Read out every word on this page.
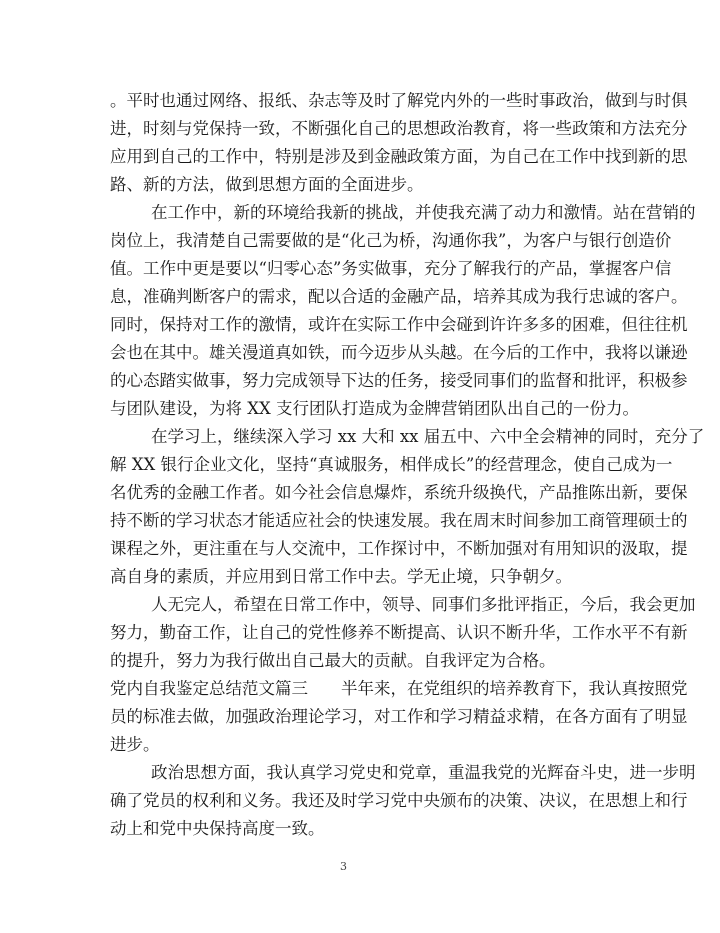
。平时也通过网络、报纸、杂志等及时了解党内外的一些时事政治，做到与时俱
进，时刻与党保持一致，不断强化自己的思想政治教育，将一些政策和方法充分
应用到自己的工作中，特别是涉及到金融政策方面，为自己在工作中找到新的思
路、新的方法，做到思想方面的全面进步。
在工作中，新的环境给我新的挑战，并使我充满了动力和激情。站在营销的
岗位上，我清楚自己需要做的是“化己为桥，沟通你我”，为客户与银行创造价
值。工作中更是要以“归零心态”务实做事，充分了解我行的产品，掌握客户信
息，准确判断客户的需求，配以合适的金融产品，培养其成为我行忠诚的客户。
同时，保持对工作的激情，或许在实际工作中会碰到许许多多的困难，但往往机
会也在其中。雄关漫道真如铁，而今迈步从头越。在今后的工作中，我将以谦逊
的心态踏实做事，努力完成领导下达的任务，接受同事们的监督和批评，积极参
与团队建设，为将 XX 支行团队打造成为金牌营销团队出自己的一份力。
在学习上，继续深入学习 xx 大和 xx 届五中、六中全会精神的同时，充分了
解 XX 银行企业文化，坚持“真诚服务，相伴成长”的经营理念，使自己成为一
名优秀的金融工作者。如今社会信息爆炸，系统升级换代，产品推陈出新，要保
持不断的学习状态才能适应社会的快速发展。我在周末时间参加工商管理硕士的
课程之外，更注重在与人交流中，工作探讨中，不断加强对有用知识的汲取，提
高自身的素质，并应用到日常工作中去。学无止境，只争朝夕。
人无完人，希望在日常工作中，领导、同事们多批评指正，今后，我会更加
努力，勤奋工作，让自己的党性修养不断提高、认识不断升华，工作水平不有新
的提升，努力为我行做出自己最大的贡献。自我评定为合格。
党内自我鉴定总结范文篇三　　半年来，在党组织的培养教育下，我认真按照党
员的标准去做，加强政治理论学习，对工作和学习精益求精，在各方面有了明显
进步。
政治思想方面，我认真学习党史和党章，重温我党的光辉奋斗史，进一步明
确了党员的权利和义务。我还及时学习党中央颁布的决策、决议，在思想上和行
动上和党中央保持高度一致。
3
